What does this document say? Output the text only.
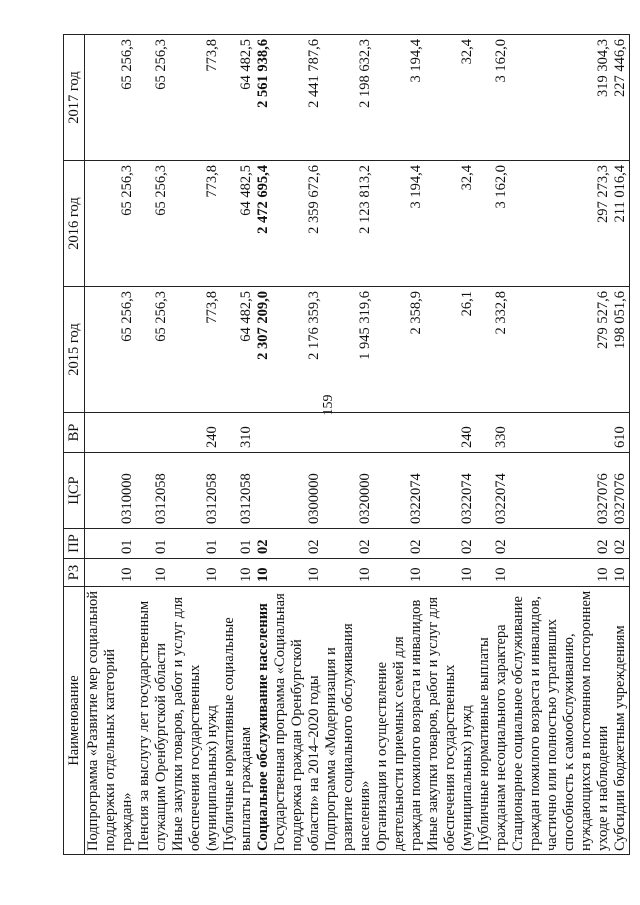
159
Наименование	РЗ	ПР	ЦСР	ВР	2015 год	2016 год	2017 год
Подпрограмма «Развитие мер социальной поддержки отдельных категорий граждан»	10	01	0310000		65 256,3	65 256,3	65 256,3
Пенсия за выслугу лет государственным служащим Оренбургской области	10	01	0312058		65 256,3	65 256,3	65 256,3
Иные закупки товаров, работ и услуг для обеспечения государственных (муниципальных) нужд	10	01	0312058	240	773,8	773,8	773,8
Публичные нормативные социальные выплаты гражданам	10	01	0312058	310	64 482,5	64 482,5	64 482,5
Социальное обслуживание населения	10	02			2 307 209,0	2 472 695,4	2 561 938,6
Государственная программа «Социальная поддержка граждан Оренбургской области» на 2014–2020 годы	10	02	0300000		2 176 359,3	2 359 672,6	2 441 787,6
Подпрограмма «Модернизация и развитие социального обслуживания населения»	10	02	0320000		1 945 319,6	2 123 813,2	2 198 632,3
Организация и осуществление деятельности приемных семей для граждан пожилого возраста и инвалидов	10	02	0322074		2 358,9	3 194,4	3 194,4
Иные закупки товаров, работ и услуг для обеспечения государственных (муниципальных) нужд	10	02	0322074	240	26,1	32,4	32,4
Публичные нормативные выплаты гражданам несоциального характера	10	02	0322074	330	2 332,8	3 162,0	3 162,0
Стационарное социальное обслуживание граждан пожилого возраста и инвалидов, частично или полностью утративших способность к самообслуживанию, нуждающихся в постоянном постороннем уходе и наблюдении	10	02	0327076		279 527,6	297 273,3	319 304,3
Субсидии бюджетным учреждениям	10	02	0327076	610	198 051,6	211 016,4	227 446,6
